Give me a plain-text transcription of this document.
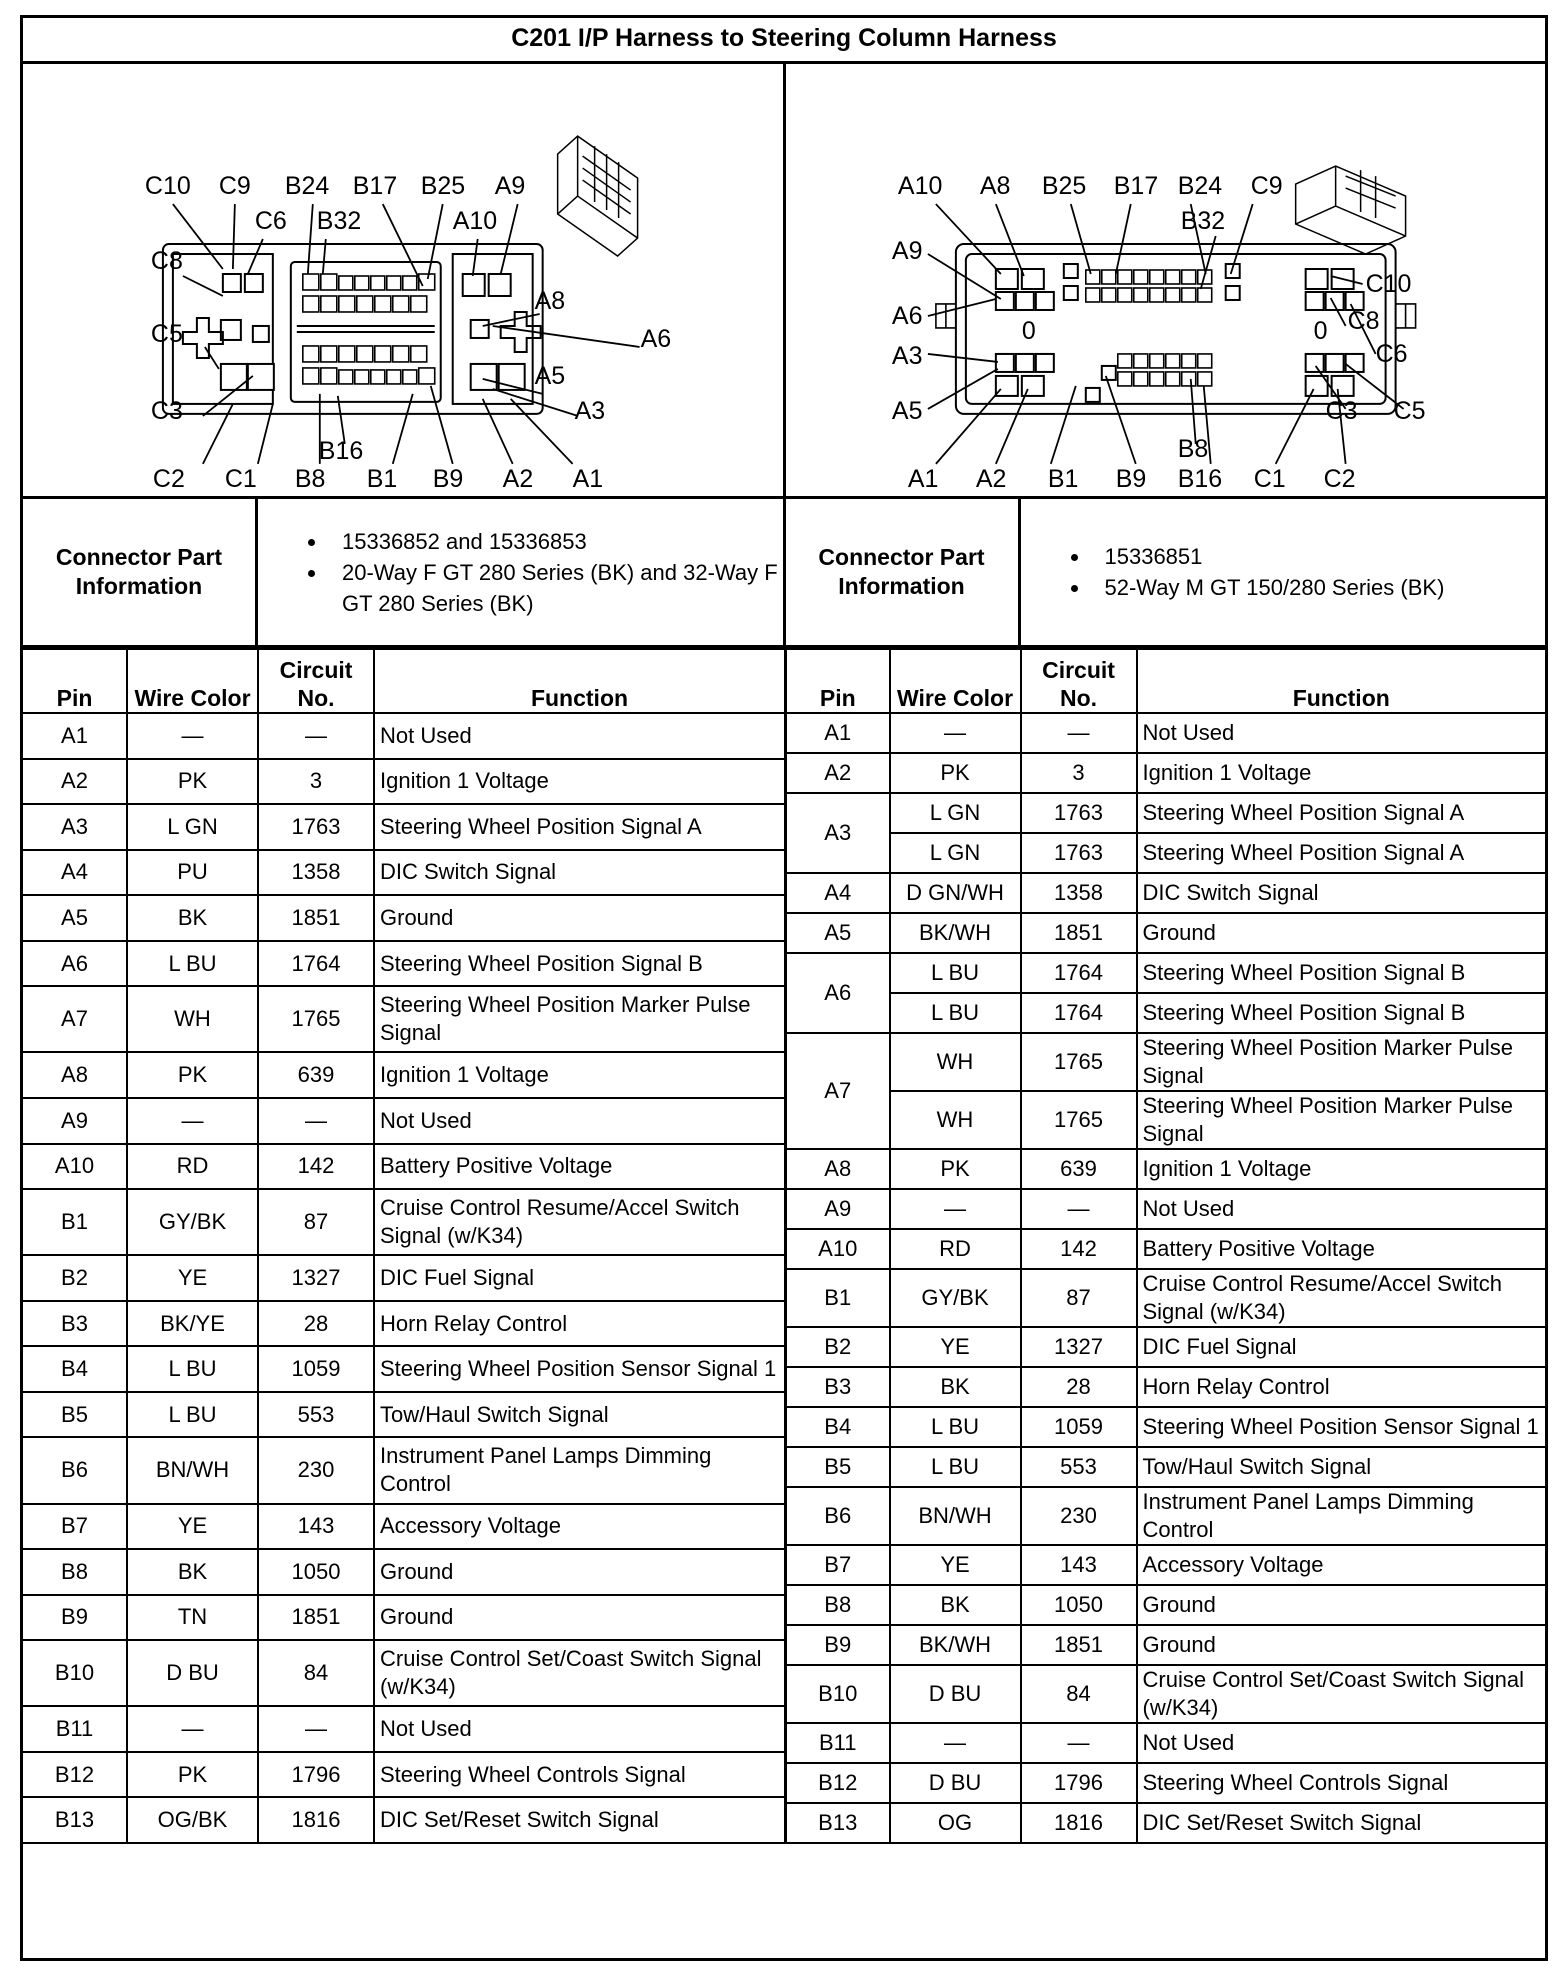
C201 I/P Harness to Steering Column Harness
C10 C9
C6
B24
B32
B17 B25 A9
A10
C8
A8
A6
C5
A5
C3	A3
B16
C2 C1 B8 B1 B9 A2 A1
0	0
A10 A8 B25 B17 B24 C9
B32
A9
C10
A6	C8
A3	C6
A5	C3 C5
B8
A1 A2 B1 B9 B16 C1 C2
Connector Part
Information
• 15336852 and 15336853
• 20-Way F GT 280 Series (BK) and 32-Way F GT 280 Series (BK)
Connector Part
Information
• 15336851
• 52-Way M GT 150/280 Series (BK)
Pin	Wire Color	Circuit No.	Function
A1	—	—	Not Used
A2	PK	3	Ignition 1 Voltage
A3	L GN	1763	Steering Wheel Position Signal A
A4	PU	1358	DIC Switch Signal
A5	BK	1851	Ground
A6	L BU	1764	Steering Wheel Position Signal B
A7	WH	1765	Steering Wheel Position Marker Pulse Signal
A8	PK	639	Ignition 1 Voltage
A9	—	—	Not Used
A10	RD	142	Battery Positive Voltage
B1	GY/BK	87	Cruise Control Resume/Accel Switch Signal (w/K34)
B2	YE	1327	DIC Fuel Signal
B3	BK/YE	28	Horn Relay Control
B4	L BU	1059	Steering Wheel Position Sensor Signal 1
B5	L BU	553	Tow/Haul Switch Signal
B6	BN/WH	230	Instrument Panel Lamps Dimming Control
B7	YE	143	Accessory Voltage
B8	BK	1050	Ground
B9	TN	1851	Ground
B10	D BU	84	Cruise Control Set/Coast Switch Signal (w/K34)
B11	—	—	Not Used
B12	PK	1796	Steering Wheel Controls Signal
B13	OG/BK	1816	DIC Set/Reset Switch Signal
Pin	Wire Color	Circuit No.	Function
A1	—	—	Not Used
A2	PK	3	Ignition 1 Voltage
A3	L GN	1763	Steering Wheel Position Signal A
	L GN	1763	Steering Wheel Position Signal A
A4	D GN/WH	1358	DIC Switch Signal
A5	BK/WH	1851	Ground
A6	L BU	1764	Steering Wheel Position Signal B
	L BU	1764	Steering Wheel Position Signal B
A7	WH	1765	Steering Wheel Position Marker Pulse Signal
	WH	1765	Steering Wheel Position Marker Pulse Signal
A8	PK	639	Ignition 1 Voltage
A9	—	—	Not Used
A10	RD	142	Battery Positive Voltage
B1	GY/BK	87	Cruise Control Resume/Accel Switch Signal (w/K34)
B2	YE	1327	DIC Fuel Signal
B3	BK	28	Horn Relay Control
B4	L BU	1059	Steering Wheel Position Sensor Signal 1
B5	L BU	553	Tow/Haul Switch Signal
B6	BN/WH	230	Instrument Panel Lamps Dimming Control
B7	YE	143	Accessory Voltage
B8	BK	1050	Ground
B9	BK/WH	1851	Ground
B10	D BU	84	Cruise Control Set/Coast Switch Signal (w/K34)
B11	—	—	Not Used
B12	D BU	1796	Steering Wheel Controls Signal
B13	OG	1816	DIC Set/Reset Switch Signal
